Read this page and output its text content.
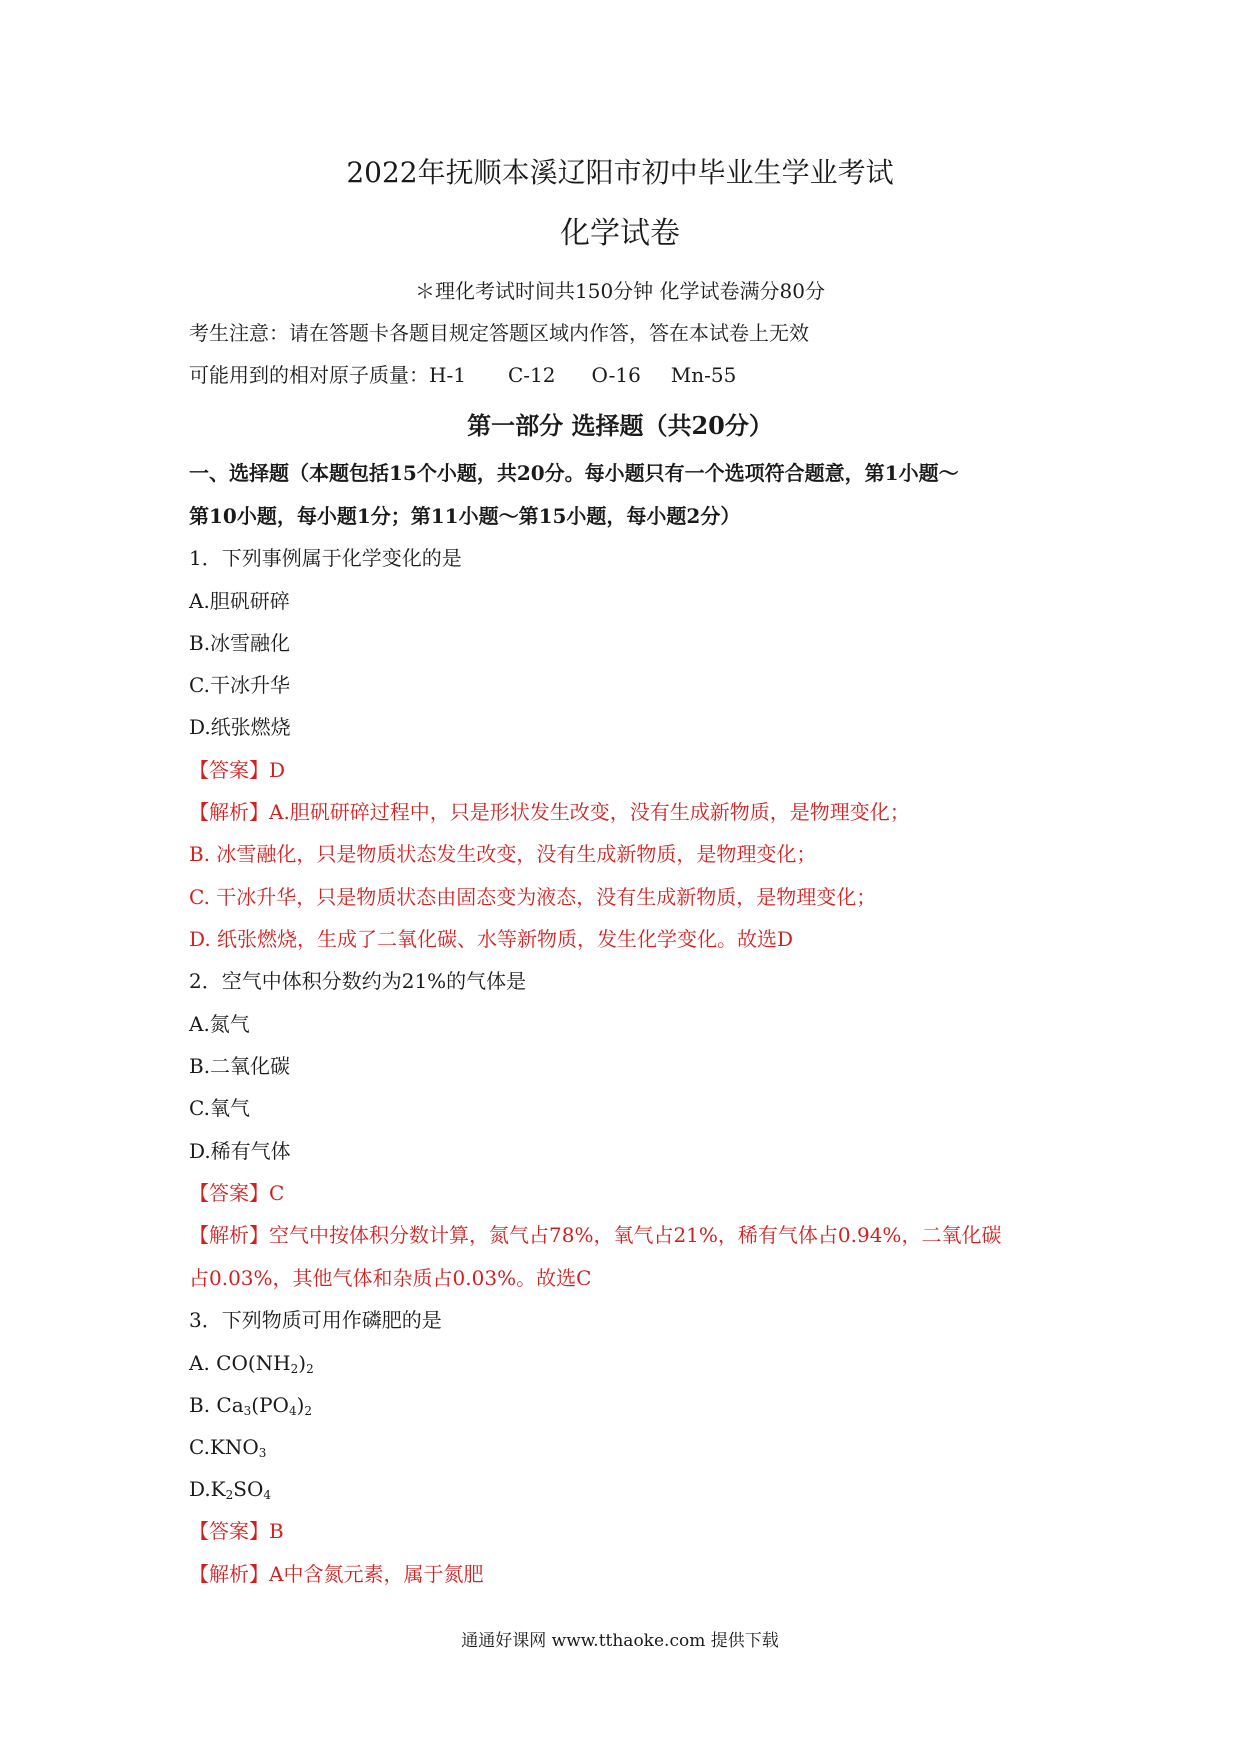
2022年抚顺本溪辽阳市初中毕业生学业考试
化学试卷
＊理化考试时间共150分钟 化学试卷满分80分
考生注意：请在答题卡各题目规定答题区域内作答，答在本试卷上无效
可能用到的相对原子质量：H-1 C-12 O-16 Mn-55
第一部分 选择题（共20分）
一、选择题（本题包括15个小题，共20分。每小题只有一个选项符合题意，第1小题～
第10小题，每小题1分；第11小题～第15小题，每小题2分）
1．下列事例属于化学变化的是
A.胆矾研碎
B.冰雪融化
C.干冰升华
D.纸张燃烧
【答案】D
【解析】A.胆矾研碎过程中，只是形状发生改变，没有生成新物质，是物理变化；
B. 冰雪融化，只是物质状态发生改变，没有生成新物质，是物理变化；
C. 干冰升华，只是物质状态由固态变为液态，没有生成新物质，是物理变化；
D. 纸张燃烧，生成了二氧化碳、水等新物质，发生化学变化。故选D
2．空气中体积分数约为21%的气体是
A.氮气
B.二氧化碳
C.氧气
D.稀有气体
【答案】C
【解析】空气中按体积分数计算，氮气占78%，氧气占21%，稀有气体占0.94%，二氧化碳
占0.03%，其他气体和杂质占0.03%。故选C
3．下列物质可用作磷肥的是
A. $CO(NH_2)_2$
B. $Ca_3(PO_4)_2$
$C.KNO_3$
$D.K_2SO_4$
【答案】B
【解析】A中含氮元素，属于氮肥
通通好课网 www.tthaoke.com 提供下载
